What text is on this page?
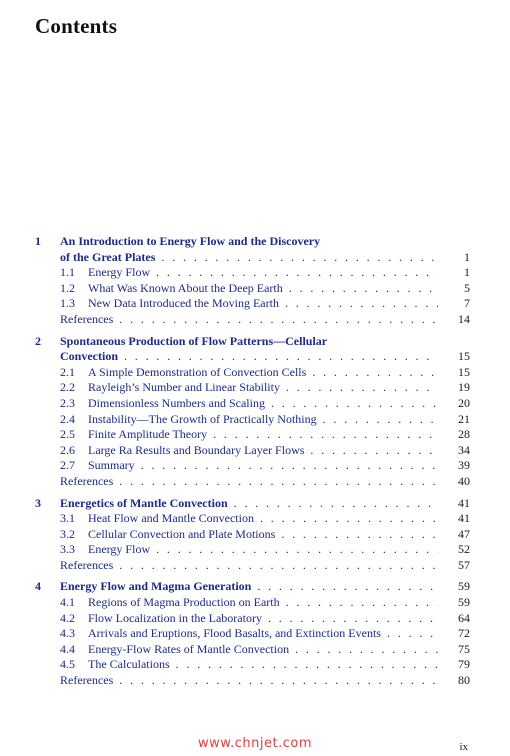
Contents
1	An Introduction to Energy Flow and the Discovery
of the Great Plates . . .	1
1.1	Energy Flow . . .	1
1.2	What Was Known About the Deep Earth . . .	5
1.3	New Data Introduced the Moving Earth . . .	7
References . . .	14
2	Spontaneous Production of Flow Patterns—Cellular
Convection . . .	15
2.1	A Simple Demonstration of Convection Cells . . .	15
2.2	Rayleigh’s Number and Linear Stability . . .	19
2.3	Dimensionless Numbers and Scaling . . .	20
2.4	Instability—The Growth of Practically Nothing . . .	21
2.5	Finite Amplitude Theory . . .	28
2.6	Large Ra Results and Boundary Layer Flows . . .	34
2.7	Summary . . .	39
References . . .	40
3	Energetics of Mantle Convection . . .	41
3.1	Heat Flow and Mantle Convection . . .	41
3.2	Cellular Convection and Plate Motions . . .	47
3.3	Energy Flow . . .	52
References . . .	57
4	Energy Flow and Magma Generation . . .	59
4.1	Regions of Magma Production on Earth . . .	59
4.2	Flow Localization in the Laboratory . . .	64
4.3	Arrivals and Eruptions, Flood Basalts, and Extinction Events . . .	72
4.4	Energy-Flow Rates of Mantle Convection . . .	75
4.5	The Calculations . . .	79
References . . .	80
www.chnjet.com	ix
